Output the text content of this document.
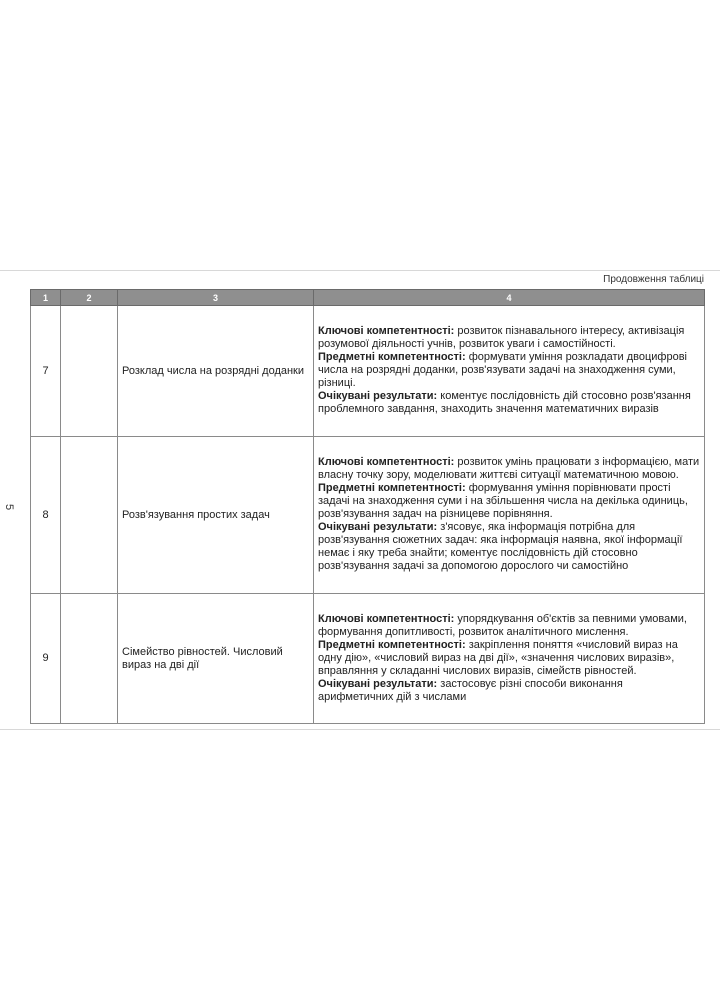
5
Продовження таблиці
1	2	3	4
7		Розклад числа на розрядні доданки	Ключові компетентності: розвиток пізнавального інтересу, активізація розумової діяльності учнів, розвиток уваги і самостійності.

Предметні компетентності: формувати уміння розкладати двоцифрові числа на розрядні доданки, розв'язувати задачі на знаходження суми, різниці.

Очікувані результати: коментує послідовність дій стосовно розв'язання проблемного завдання, знаходить значення математичних виразів

8		Розв'язування простих задач	Ключові компетентності: розвиток умінь працювати з інформацією, мати власну точку зору, моделювати життєві ситуації математичною мовою.

Предметні компетентності: формування уміння порівнювати прості задачі на знаходження суми і на збільшення числа на декілька одиниць, розв'язування задач на різницеве порівняння.

Очікувані результати: з'ясовує, яка інформація потрібна для розв'язування сюжетних задач: яка інформація наявна, якої інформації немає і яку треба знайти; коментує послідовність дій стосовно розв'язування задачі за допомогою дорослого чи самостійно

9		Сімейство рівностей. Числовий вираз на дві дії	Ключові компетентності: упорядкування об'єктів за певними умовами, формування допитливості, розвиток аналітичного мислення.

Предметні компетентності: закріплення поняття «числовий вираз на одну дію», «числовий вираз на дві дії», «значення числових виразів», вправляння у складанні числових виразів, сімейств рівностей.

Очікувані результати: застосовує різні способи виконання арифметичних дій з числами
